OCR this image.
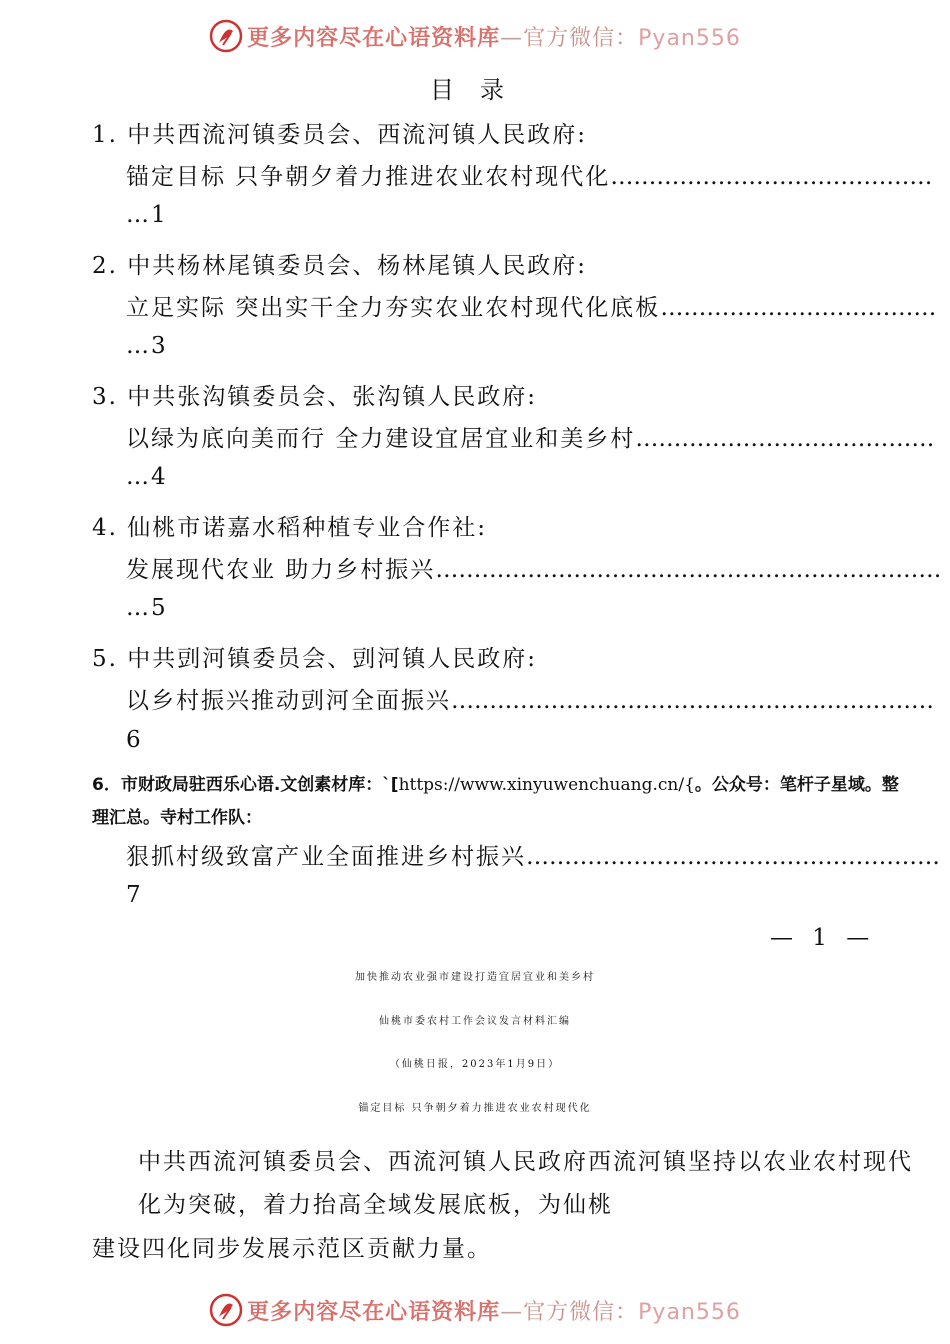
更多内容尽在心语资料库—官方微信：Pyan556
目录
1. 中共西流河镇委员会、西流河镇人民政府:
锚定目标 只争朝夕着力推进农业农村现代化……………………………………
…1
2. 中共杨林尾镇委员会、杨林尾镇人民政府:
立足实际 突出实干全力夯实农业农村现代化底板………………………………
…3
3. 中共张沟镇委员会、张沟镇人民政府:
以绿为底向美而行 全力建设宜居宜业和美乡村…………………………………
…4
4. 仙桃市诺嘉水稻种植专业合作社:
发展现代农业 助力乡村振兴…………………………………………………………
…5
5. 中共剅河镇委员会、剅河镇人民政府:
以乡村振兴推动剅河全面振兴………………………………………………………
6
6．市财政局驻西乐心语.文创素材库：`[https://www.xinyuwenchuang.cn/{。公众号：笔杆子星域。整
理汇总。寺村工作队：
狠抓村级致富产业全面推进乡村振兴………………………………………………
7
— 1 —
加快推动农业强市建设打造宜居宜业和美乡村
仙桃市委农村工作会议发言材料汇编
（仙桃日报，2023年1月9日）
锚定目标 只争朝夕着力推进农业农村现代化
中共西流河镇委员会、西流河镇人民政府西流河镇坚持以农业农村现代
化为突破，着力抬高全域发展底板，为仙桃
建设四化同步发展示范区贡献力量。
更多内容尽在心语资料库—官方微信：Pyan556
